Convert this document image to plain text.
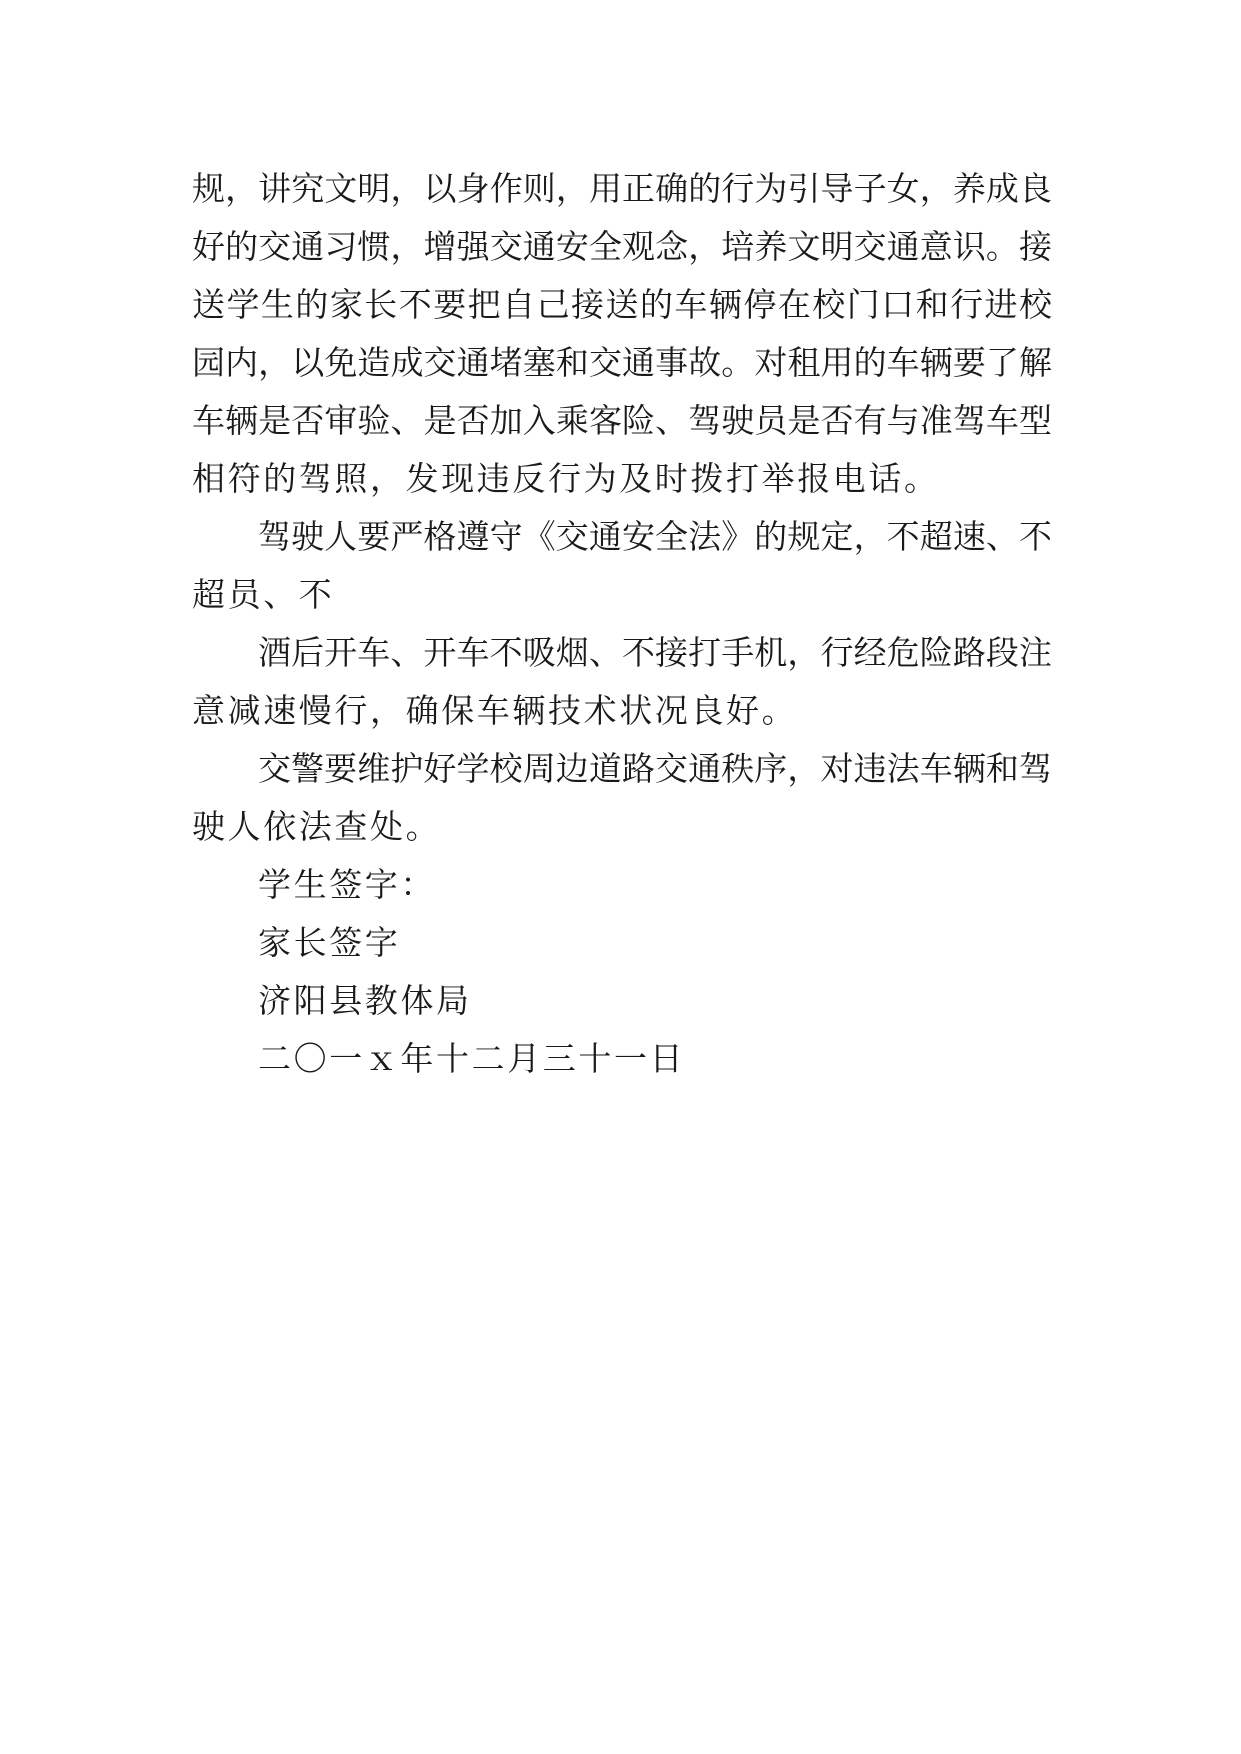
规，讲究文明，以身作则，用正确的行为引导子女，养成良
好的交通习惯，增强交通安全观念，培养文明交通意识。接
送学生的家长不要把自己接送的车辆停在校门口和行进校
园内，以免造成交通堵塞和交通事故。对租用的车辆要了解
车辆是否审验、是否加入乘客险、驾驶员是否有与准驾车型
相符的驾照，发现违反行为及时拨打举报电话。
驾驶人要严格遵守《交通安全法》的规定，不超速、不
超员、不
酒后开车、开车不吸烟、不接打手机，行经危险路段注
意减速慢行，确保车辆技术状况良好。
交警要维护好学校周边道路交通秩序，对违法车辆和驾
驶人依法查处。
学生签字：
家长签字
济阳县教体局
二〇一ｘ年十二月三十一日
